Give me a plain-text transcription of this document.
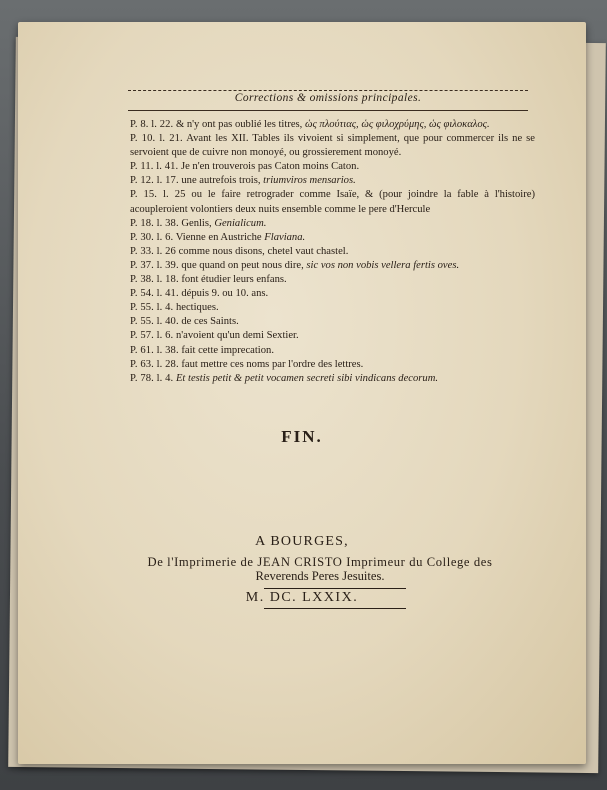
Corrections & omissions principales.
P. 8. l. 22. & n'y ont pas oublié les titres, ὡς πλούτιας, ὡς φιλοχρύμης, ὡς φιλοκαλος.
P. 10. l. 21. Avant les XII. Tables ils vivoient si simplement, que pour commercer ils ne se servoient que de cuivre non monoyé, ou grossierement monoyé.
P. 11. l. 41. Je n'en trouverois pas Caton moins Caton.
P. 12. l. 17. une autrefois trois, triumviros mensarios.
P. 15. l. 25 ou le faire retrograder comme Isaïe, & (pour joindre la fable à l'histoire) acoupleroient volontiers deux nuits ensemble comme le pere d'Hercule
P. 18. l. 38. Genlis, Genialicum.
P. 30. l. 6. Vienne en Austriche Flaviana.
P. 33. l. 26 comme nous disons, chetel vaut chastel.
P. 37. l. 39. que quand on peut nous dire, sic vos non vobis vellera fertis oves.
P. 38. l. 18. font étudier leurs enfans.
P. 54. l. 41. dépuis 9. ou 10. ans.
P. 55. l. 4. hectiques.
P. 55. l. 40. de ces Saints.
P. 57. l. 6. n'avoient qu'un demi Sextier.
P. 61. l. 38. fait cette imprecation.
P. 63. l. 28. faut mettre ces noms par l'ordre des lettres.
P. 78. l. 4. Et testis petit & petit vocamen secreti sibi vindicans decorum.
FIN.
A BOURGES,
De l'Imprimerie de JEAN CRISTO Imprimeur du College des
Reverends Peres Jesuites.
M. DC. LXXIX.
